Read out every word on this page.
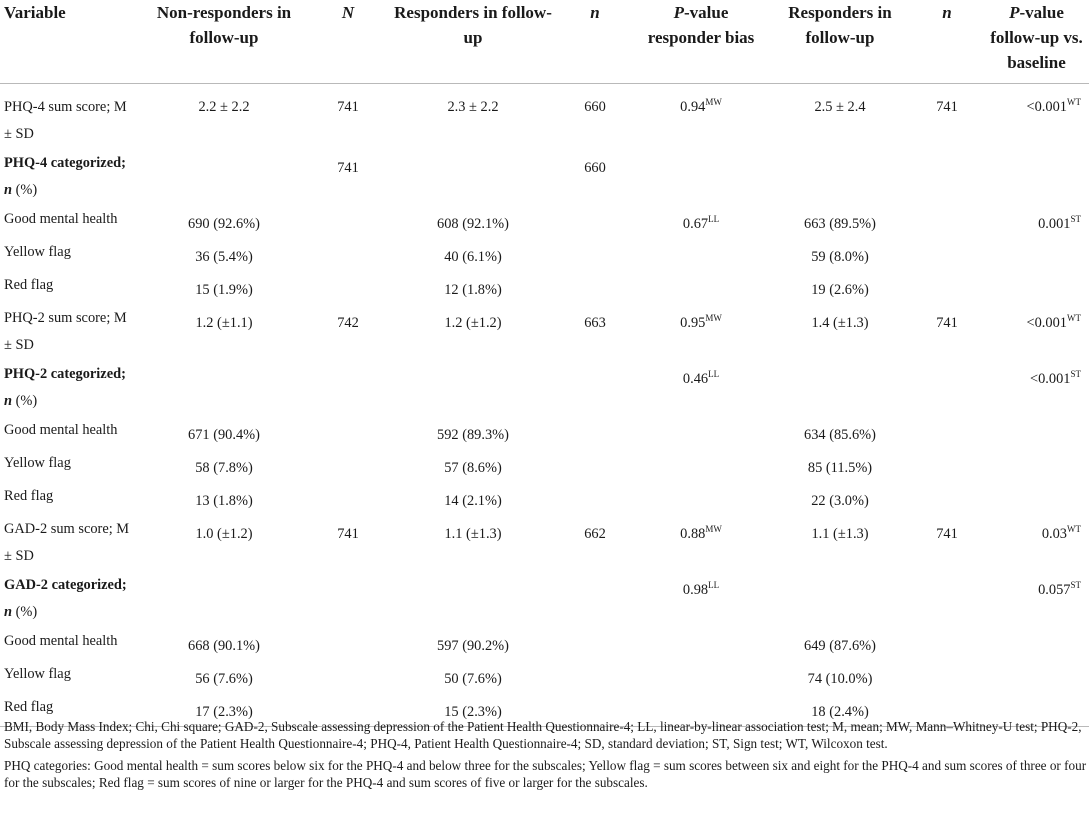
Variable	Non-responders in follow-up	N	Responders in follow-up	n	P-value responder bias	Responders in follow-up	n	P-value follow-up vs. baseline
PHQ-4 sum score; M ± SD	2.2 ± 2.2	741	2.3 ± 2.2	660	$0.94^{MW}$	2.5 ± 2.4	741	$<0.001^{WT}$
PHQ-4 categorized; n (%)		741		660				
Good mental health	690 (92.6%)		608 (92.1%)		$0.67^{LL}$	663 (89.5%)		0.001ST
Yellow flag	36 (5.4%)		40 (6.1%)			59 (8.0%)		
Red flag	15 (1.9%)		12 (1.8%)			19 (2.6%)		
PHQ-2 sum score; M ± SD	1.2 (±1.1)	742	1.2 (±1.2)	663	$0.95^{MW}$	1.4 (±1.3)	741	$<0.001^{WT}$
PHQ-2 categorized; n (%)					$0.46^{LL}$			<0.001ST
Good mental health	671 (90.4%)		592 (89.3%)			634 (85.6%)		
Yellow flag	58 (7.8%)		57 (8.6%)			85 (11.5%)		
Red flag	13 (1.8%)		14 (2.1%)			22 (3.0%)		
GAD-2 sum score; M ± SD	1.0 (±1.2)	741	1.1 (±1.3)	662	$0.88^{MW}$	1.1 (±1.3)	741	$0.03^{WT}$
GAD-2 categorized; n (%)					$0.98^{LL}$			0.057ST
Good mental health	668 (90.1%)		597 (90.2%)			649 (87.6%)		
Yellow flag	56 (7.6%)		50 (7.6%)			74 (10.0%)		
Red flag	17 (2.3%)		15 (2.3%)			18 (2.4%)		

BMI, Body Mass Index; Chi, Chi square; GAD-2, Subscale assessing depression of the Patient Health Questionnaire-4; LL, linear-by-linear association test; M, mean; MW, Mann–Whitney-U test; PHQ-2, Subscale assessing depression of the Patient Health Questionnaire-4; PHQ-4, Patient Health Questionnaire-4; SD, standard deviation; ST, Sign test; WT, Wilcoxon test.

PHQ categories: Good mental health = sum scores below six for the PHQ-4 and below three for the subscales; Yellow flag = sum scores between six and eight for the PHQ-4 and sum scores of three or four for the subscales; Red flag = sum scores of nine or larger for the PHQ-4 and sum scores of five or larger for the subscales.
